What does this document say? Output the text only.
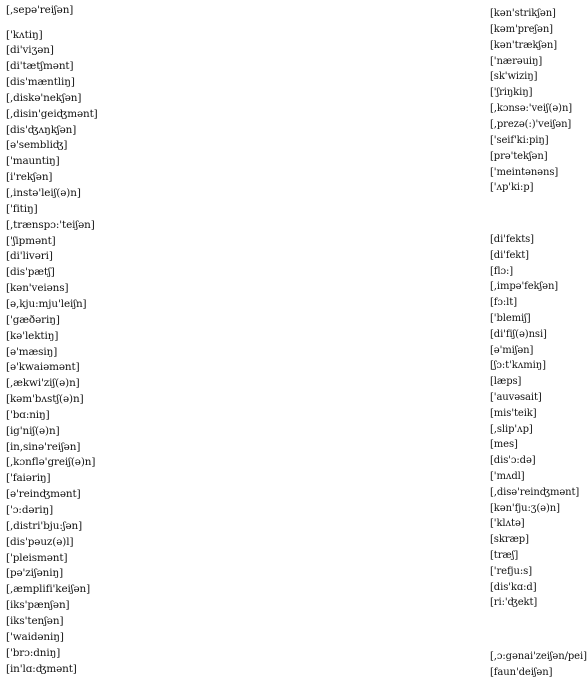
[,sepə'reiʃən]
['kʌtiŋ]
[di'viʒən]
[di'tætʃmənt]
[dis'mæntliŋ]
[,diskə'nekʃən]
[,disin'geiʤmənt]
[dis'ʤʌŋkʃən]
[ə'sembliʤ]
['mauntiŋ]
[i'rekʃən]
[,instə'leiʃ(ə)n]
['fitiŋ]
[,trænspɔ:'teiʃən]
['ʃipmənt]
[di'livəri]
[dis'pætʃ]
[kən'veiəns]
[ə,kju:mju'leiʃn]
['gæðəriŋ]
[kə'lektiŋ]
[ə'mæsiŋ]
[ə'kwaiəmənt]
[,ækwi'ziʃ(ə)n]
[kəm'bʌstʃ(ə)n]
['bɑ:niŋ]
[ig'niʃ(ə)n]
[in,sinə'reiʃən]
[,kɔnflə'greiʃ(ə)n]
['faiəriŋ]
[ə'reinʤmənt]
['ɔ:dəriŋ]
[,distri'bju:ʃən]
[dis'pəuz(ə)l]
['pleismənt]
[pə'ziʃəniŋ]
[,æmplifi'keiʃən]
[iks'pænʃən]
[iks'tenʃən]
['waidəniŋ]
['brɔ:dniŋ]
[in'lɑ:ʤmənt]
[kən'strikʃən]
[kəm'preʃən]
[kən'trækʃən]
['nærəuiŋ]
[sk'wiziŋ]
['ʃriŋkiŋ]
[,kɔnsə:'veiʃ(ə)n]
[,prezə(:)'veiʃən]
['seif'ki:piŋ]
[prə'tekʃən]
['meintənəns]
['ʌp'ki:p]
[di'fekts]
[di'fekt]
[flɔ:]
[,impə'fekʃən]
[fɔ:lt]
['blemiʃ]
[di'fiʃ(ə)nsi]
[ə'miʃən]
[ʃɔ:t'kʌmiŋ]
[læps]
['auvəsait]
[mis'teik]
[,slip'ʌp]
[mes]
[dis'ɔ:də]
['mʌdl]
[,disə'reinʤmənt]
[kən'fju:ʒ(ə)n]
['klʌtə]
[skræp]
[træʃ]
['refju:s]
[dis'kɑ:d]
[ri:'ʤekt]
[,ɔ:gənai'zeiʃən/pei]
[faun'deiʃən]
